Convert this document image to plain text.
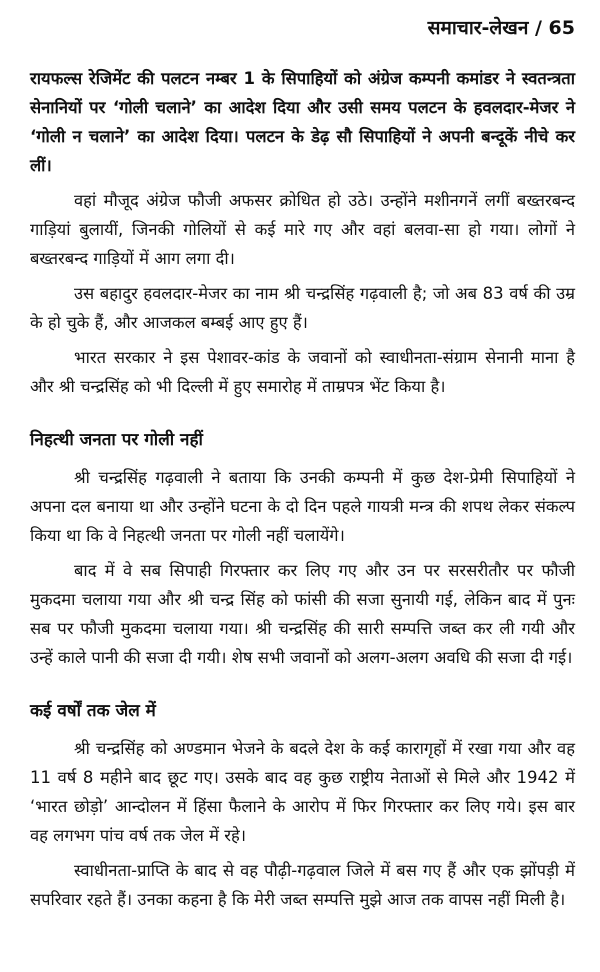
समाचार-लेखन / 65

रायफल्स रेजिमेंट की पलटन नम्बर 1 के सिपाहियों को अंग्रेज कम्पनी कमांडर ने स्वतन्त्रता सेनानियों पर ‘गोली चलाने’ का आदेश दिया और उसी समय पलटन के हवलदार-मेजर ने ‘गोली न चलाने’ का आदेश दिया। पलटन के डेढ़ सौ सिपाहियों ने अपनी बन्दूकें नीचे कर लीं।

वहां मौजूद अंग्रेज फौजी अफसर क्रोधित हो उठे। उन्होंने मशीनगनें लगीं बख्तरबन्द गाड़ियां बुलायीं, जिनकी गोलियों से कई मारे गए और वहां बलवा-सा हो गया। लोगों ने बख्तरबन्द गाड़ियों में आग लगा दी।

उस बहादुर हवलदार-मेजर का नाम श्री चन्द्रसिंह गढ़वाली है; जो अब 83 वर्ष की उम्र के हो चुके हैं, और आजकल बम्बई आए हुए हैं।

भारत सरकार ने इस पेशावर-कांड के जवानों को स्वाधीनता-संग्राम सेनानी माना है और श्री चन्द्रसिंह को भी दिल्ली में हुए समारोह में ताम्रपत्र भेंट किया है।

निहत्थी जनता पर गोली नहीं

श्री चन्द्रसिंह गढ़वाली ने बताया कि उनकी कम्पनी में कुछ देश-प्रेमी सिपाहियों ने अपना दल बनाया था और उन्होंने घटना के दो दिन पहले गायत्री मन्त्र की शपथ लेकर संकल्प किया था कि वे निहत्थी जनता पर गोली नहीं चलायेंगे।

बाद में वे सब सिपाही गिरफ्तार कर लिए गए और उन पर सरसरीतौर पर फौजी मुकदमा चलाया गया और श्री चन्द्र सिंह को फांसी की सजा सुनायी गई, लेकिन बाद में पुनः सब पर फौजी मुकदमा चलाया गया। श्री चन्द्रसिंह की सारी सम्पत्ति जब्त कर ली गयी और उन्हें काले पानी की सजा दी गयी। शेष सभी जवानों को अलग-अलग अवधि की सजा दी गई।

कई वर्षों तक जेल में

श्री चन्द्रसिंह को अण्डमान भेजने के बदले देश के कई कारागृहों में रखा गया और वह 11 वर्ष 8 महीने बाद छूट गए। उसके बाद वह कुछ राष्ट्रीय नेताओं से मिले और 1942 में ‘भारत छोड़ो’ आन्दोलन में हिंसा फैलाने के आरोप में फिर गिरफ्तार कर लिए गये। इस बार वह लगभग पांच वर्ष तक जेल में रहे।

स्वाधीनता-प्राप्ति के बाद से वह पौढ़ी-गढ़वाल जिले में बस गए हैं और एक झोंपड़ी में सपरिवार रहते हैं। उनका कहना है कि मेरी जब्त सम्पत्ति मुझे आज तक वापस नहीं मिली है।
